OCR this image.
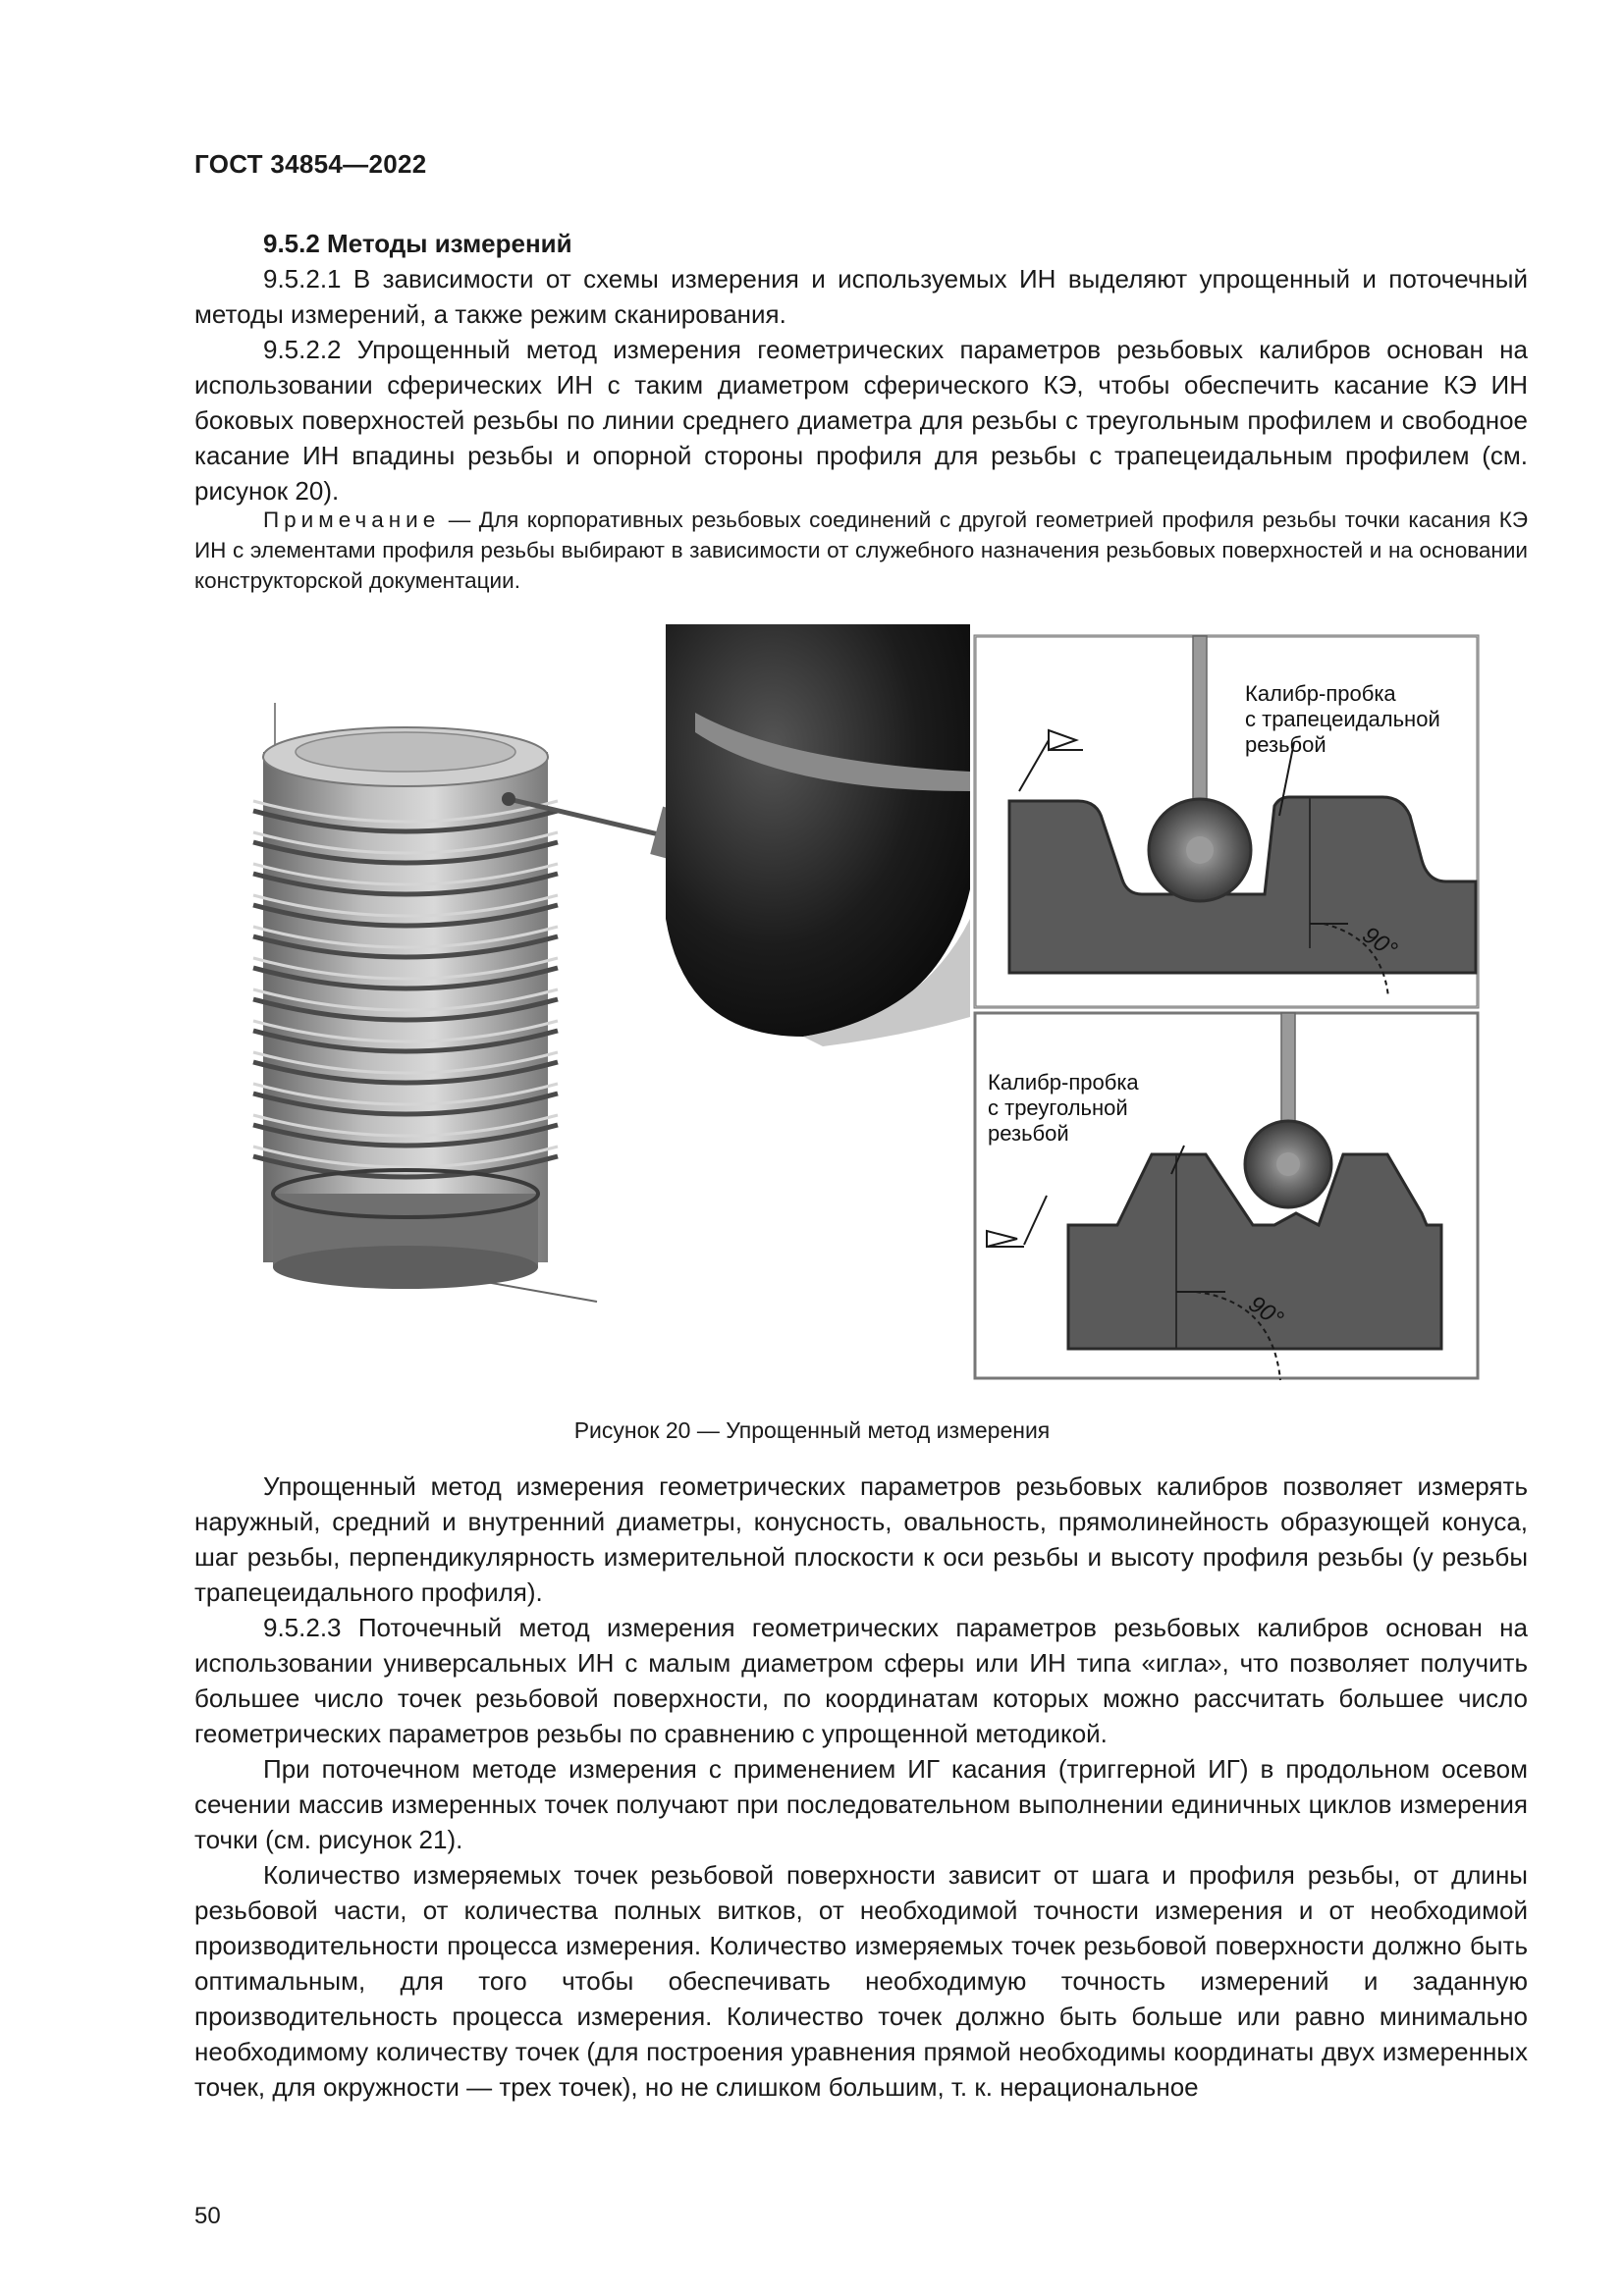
ГОСТ 34854—2022
9.5.2 Методы измерений

9.5.2.1 В зависимости от схемы измерения и используемых ИН выделяют упрощенный и поточечный методы измерений, а также режим сканирования.

9.5.2.2 Упрощенный метод измерения геометрических параметров резьбовых калибров основан на использовании сферических ИН с таким диаметром сферического КЭ, чтобы обеспечить касание КЭ ИН боковых поверхностей резьбы по линии среднего диаметра для резьбы с треугольным профилем и свободное касание ИН впадины резьбы и опорной стороны профиля для резьбы с трапецеидальным профилем (см. рисунок 20).

Примечание — Для корпоративных резьбовых соединений с другой геометрией профиля резьбы точки касания КЭ ИН с элементами профиля резьбы выбирают в зависимости от служебного назначения резьбовых поверхностей и на основании конструкторской документации.

Калибр-пробка
с трапецеидальной
резьбой
90°
Калибр-пробка
с треугольной
резьбой
90°
Рисунок 20 — Упрощенный метод измерения

Упрощенный метод измерения геометрических параметров резьбовых калибров позволяет измерять наружный, средний и внутренний диаметры, конусность, овальность, прямолинейность образующей конуса, шаг резьбы, перпендикулярность измерительной плоскости к оси резьбы и высоту профиля резьбы (у резьбы трапецеидального профиля).

9.5.2.3 Поточечный метод измерения геометрических параметров резьбовых калибров основан на использовании универсальных ИН с малым диаметром сферы или ИН типа «игла», что позволяет получить большее число точек резьбовой поверхности, по координатам которых можно рассчитать большее число геометрических параметров резьбы по сравнению с упрощенной методикой.

При поточечном методе измерения с применением ИГ касания (триггерной ИГ) в продольном осевом сечении массив измеренных точек получают при последовательном выполнении единичных циклов измерения точки (см. рисунок 21).

Количество измеряемых точек резьбовой поверхности зависит от шага и профиля резьбы, от длины резьбовой части, от количества полных витков, от необходимой точности измерения и от необходимой производительности процесса измерения. Количество измеряемых точек резьбовой поверхности должно быть оптимальным, для того чтобы обеспечивать необходимую точность измерений и заданную производительность процесса измерения. Количество точек должно быть больше или равно минимально необходимому количеству точек (для построения уравнения прямой необходимы координаты двух измеренных точек, для окружности — трех точек), но не слишком большим, т. к. нерациональное

50
